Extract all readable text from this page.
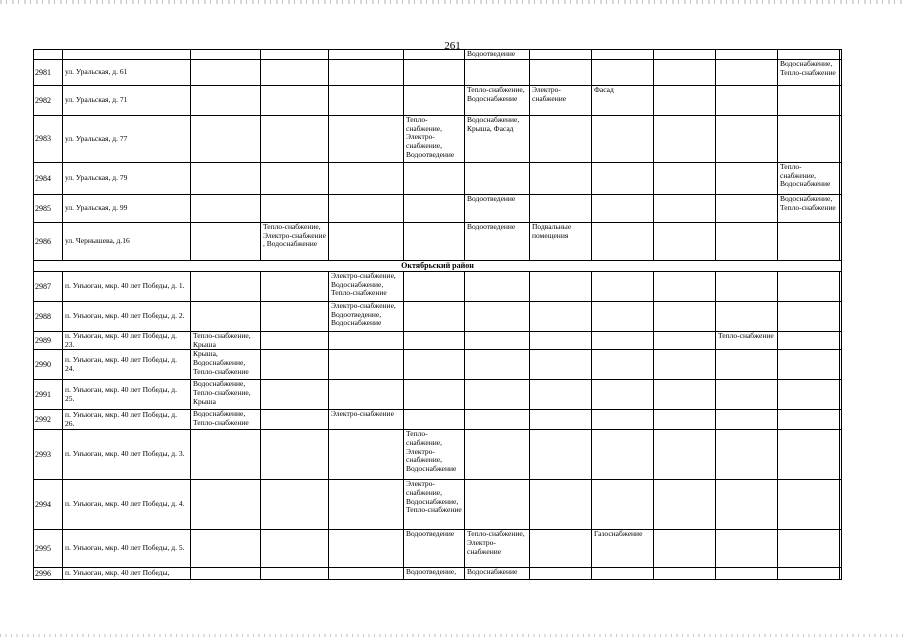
261
						Водоотведение						
2981	ул. Уральская, д. 61										Водоснабжение, Тепло-снабжение	
2982	ул. Уральская, д. 71					Тепло-снабжение, Водоснабжение	Электро-снабжение	Фасад				
2983	ул. Уральская, д. 77				Тепло-снабжение, Электро-снабжение, Водоотведение	Водоснабжение, Крыша, Фасад						
2984	ул. Уральская, д. 79										Тепло-снабжение, Водоснабжение	
2985	ул. Уральская, д. 99					Водоотведение					Водоснабжение, Тепло-снабжение	
2986	ул. Чернышева, д.16		Тепло-снабжение, Электро-снабжение , Водоснабжение			Водоотведение	Подвальные помещения					
Октябрьский район												
2987	п. Унъюган, мкр. 40 лет Победы, д. 1.			Электро-снабжение, Водоснабжение, Тепло-снабжение								
2988	п. Унъюган, мкр. 40 лет Победы, д. 2.			Электро-снабжение, Водоотведение, Водоснабжение								
2989	п. Унъюган, мкр. 40 лет Победы, д. 23.	Тепло-снабжение, Крыша								Тепло-снабжение		
2990	п. Унъюган, мкр. 40 лет Победы, д. 24.	Крыша, Водоснабжение, Тепло-снабжение										
2991	п. Унъюган, мкр. 40 лет Победы, д. 25.	Водоснабжение, Тепло-снабжение, Крыша										
2992	п. Унъюган, мкр. 40 лет Победы, д. 26.	Водоснабжение, Тепло-снабжение		Электро-снабжение								
2993	п. Унъюган, мкр. 40 лет Победы, д. 3.				Тепло-снабжение, Электро-снабжение, Водоснабжение							
2994	п. Унъюган, мкр. 40 лет Победы, д. 4.				Электро-снабжение, Водоснабжение, Тепло-снабжение							
2995	п. Унъюган, мкр. 40 лет Победы, д. 5.				Водоотведение	Тепло-снабжение, Электро-снабжение		Газоснабжение				
2996	п. Унъюган, мкр. 40 лет Победы,				Водоотведение,	Водоснабжение						
